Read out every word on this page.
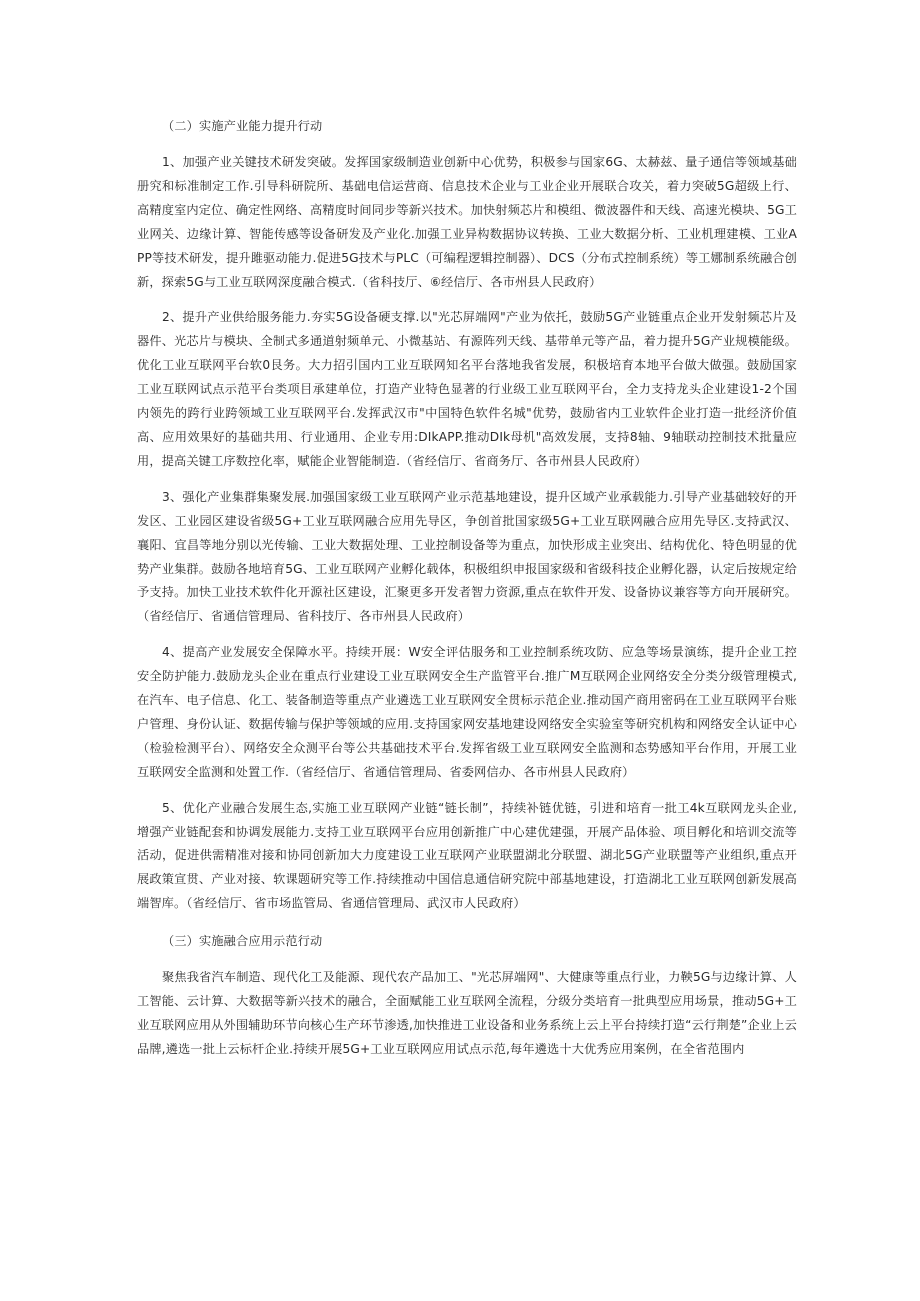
（二）实施产业能力提升行动

1、加强产业关键技术研发突破。发挥国家级制造业创新中心优势，积极参与国家6G、太赫兹、量子通信等领域基础册究和标准制定工作.引导科研院所、基础电信运营商、信息技术企业与工业企业开展联合攻关，着力突破5G超级上行、高精度室内定位、确定性网络、高精度时间同步等新兴技术。加快射频芯片和模组、微波器件和天线、高速光模块、5G工业网关、边缘计算、智能传感等设备研发及产业化.加强工业异构数据协议转换、工业大数据分析、工业机理建模、工业APP等技术研发，提升雎驱动能力.促进5G技术与PLC（可编程逻辑控制器）、DCS（分布式控制系统）等工娜制系统融合创新，探索5G与工业互联网深度融合模式.（省科技厅、⑥经信厅、各市州县人民政府）

2、提升产业供给服务能力.夯实5G设备硬支撑.以"光芯屏端网"产业为依托，鼓励5G产业链重点企业开发射频芯片及器件、光芯片与模块、全制式多通道射频单元、小微基站、有源阵列天线、基带单元等产品，着力提升5G产业规模能级。优化工业互联网平台软0艮务。大力招引国内工业互联网知名平台落地我省发展，积极培育本地平台做大做强。鼓励国家工业互联网试点示范平台类项目承建单位，打造产业特色显著的行业级工业互联网平台，全力支持龙头企业建设1-2个国内领先的跨行业跨领域工业互联网平台.发挥武汉市"中国特色软件名城"优势，鼓励省内工业软件企业打造一批经济价值高、应用效果好的基础共用、行业通用、企业专用:DIkAPP.推动DIk母机"高效发展，支持8轴、9轴联动控制技术批量应用，提高关键工序数控化率，赋能企业智能制造.（省经信厅、省商务厅、各市州县人民政府）

3、强化产业集群集聚发展.加强国家级工业互联网产业示范基地建设，提升区域产业承载能力.引导产业基础较好的开发区、工业园区建设省级5G+工业互联网融合应用先导区，争创首批国家级5G+工业互联网融合应用先导区.支持武汉、襄阳、宜昌等地分别以光传输、工业大数据处理、工业控制设备等为重点，加快形成主业突出、结构优化、特色明显的优势产业集群。鼓励各地培育5G、工业互联网产业孵化载体，积极组织申报国家级和省级科技企业孵化器，认定后按规定给予支持。加快工业技术软件化开源社区建设，汇聚更多开发者智力资源,重点在软件开发、设备协议兼容等方向开展研究。（省经信厅、省通信管理局、省科技厅、各市州县人民政府）

4、提高产业发展安全保障水平。持续开展：W安全评估服务和工业控制系统攻防、应急等场景演练，提升企业工控安全防护能力.鼓励龙头企业在重点行业建设工业互联网安全生产监管平台.推广M互联网企业网络安全分类分级管理模式,在汽车、电子信息、化工、装备制造等重点产业遴选工业互联网安全贯标示范企业.推动国产商用密码在工业互联网平台账户管理、身份认证、数据传输与保护等领域的应用.支持国家网安基地建设网络安全实验室等研究机构和网络安全认证中心（检验检测平台）、网络安全众测平台等公共基础技术平台.发挥省级工业互联网安全监测和态势感知平台作用，开展工业互联网安全监测和处置工作.（省经信厅、省通信管理局、省委网信办、各市州县人民政府）

5、优化产业融合发展生态,实施工业互联网产业链“链长制”，持续补链优链，引进和培育一批工4k互联网龙头企业,增强产业链配套和协调发展能力.支持工业互联网平台应用创新推广中心建优建强，开展产品体验、项目孵化和培训交流等活动，促进供需精准对接和协同创新加大力度建设工业互联网产业联盟湖北分联盟、湖北5G产业联盟等产业组织,重点开展政策宣贯、产业对接、软课题研究等工作.持续推动中国信息通信研究院中部基地建设，打造湖北工业互联网创新发展高端智库。（省经信厅、省市场监管局、省通信管理局、武汉市人民政府）

（三）实施融合应用示范行动

聚焦我省汽车制造、现代化工及能源、现代农产品加工、"光芯屏端网"、大健康等重点行业，力鞅5G与边缘计算、人工智能、云计算、大数据等新兴技术的融合，全面赋能工业互联网全流程，分级分类培育一批典型应用场景，推动5G+工业互联网应用从外围辅助环节向核心生产环节渗透,加快推进工业设备和业务系统上云上平台持续打造“云行荆楚”企业上云品牌,遴选一批上云标杆企业.持续开展5G+工业互联网应用试点示范,每年遴选十大优秀应用案例，在全省范围内
